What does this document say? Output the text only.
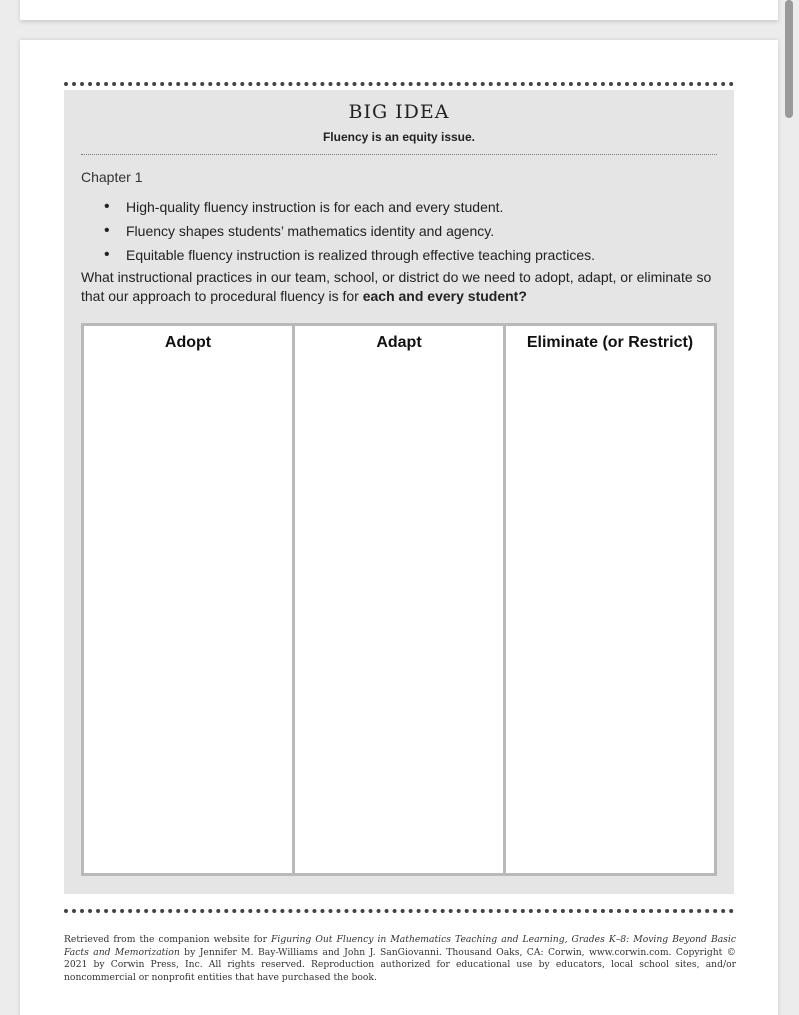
BIG IDEA
Fluency is an equity issue.
Chapter 1
• High-quality fluency instruction is for each and every student.
• Fluency shapes students’ mathematics identity and agency.
• Equitable fluency instruction is realized through effective teaching practices.
What instructional practices in our team, school, or district do we need to adopt, adapt, or eliminate so that our approach to procedural fluency is for each and every student?
Adopt	Adapt	Eliminate (or Restrict)
Retrieved from the companion website for Figuring Out Fluency in Mathematics Teaching and Learning, Grades K–8: Moving Beyond Basic Facts and Memorization by Jennifer M. Bay-Williams and John J. SanGiovanni. Thousand Oaks, CA: Corwin, www.corwin.com. Copyright © 2021 by Corwin Press, Inc. All rights reserved. Reproduction authorized for educational use by educators, local school sites, and/or noncommercial or nonprofit entities that have purchased the book.
